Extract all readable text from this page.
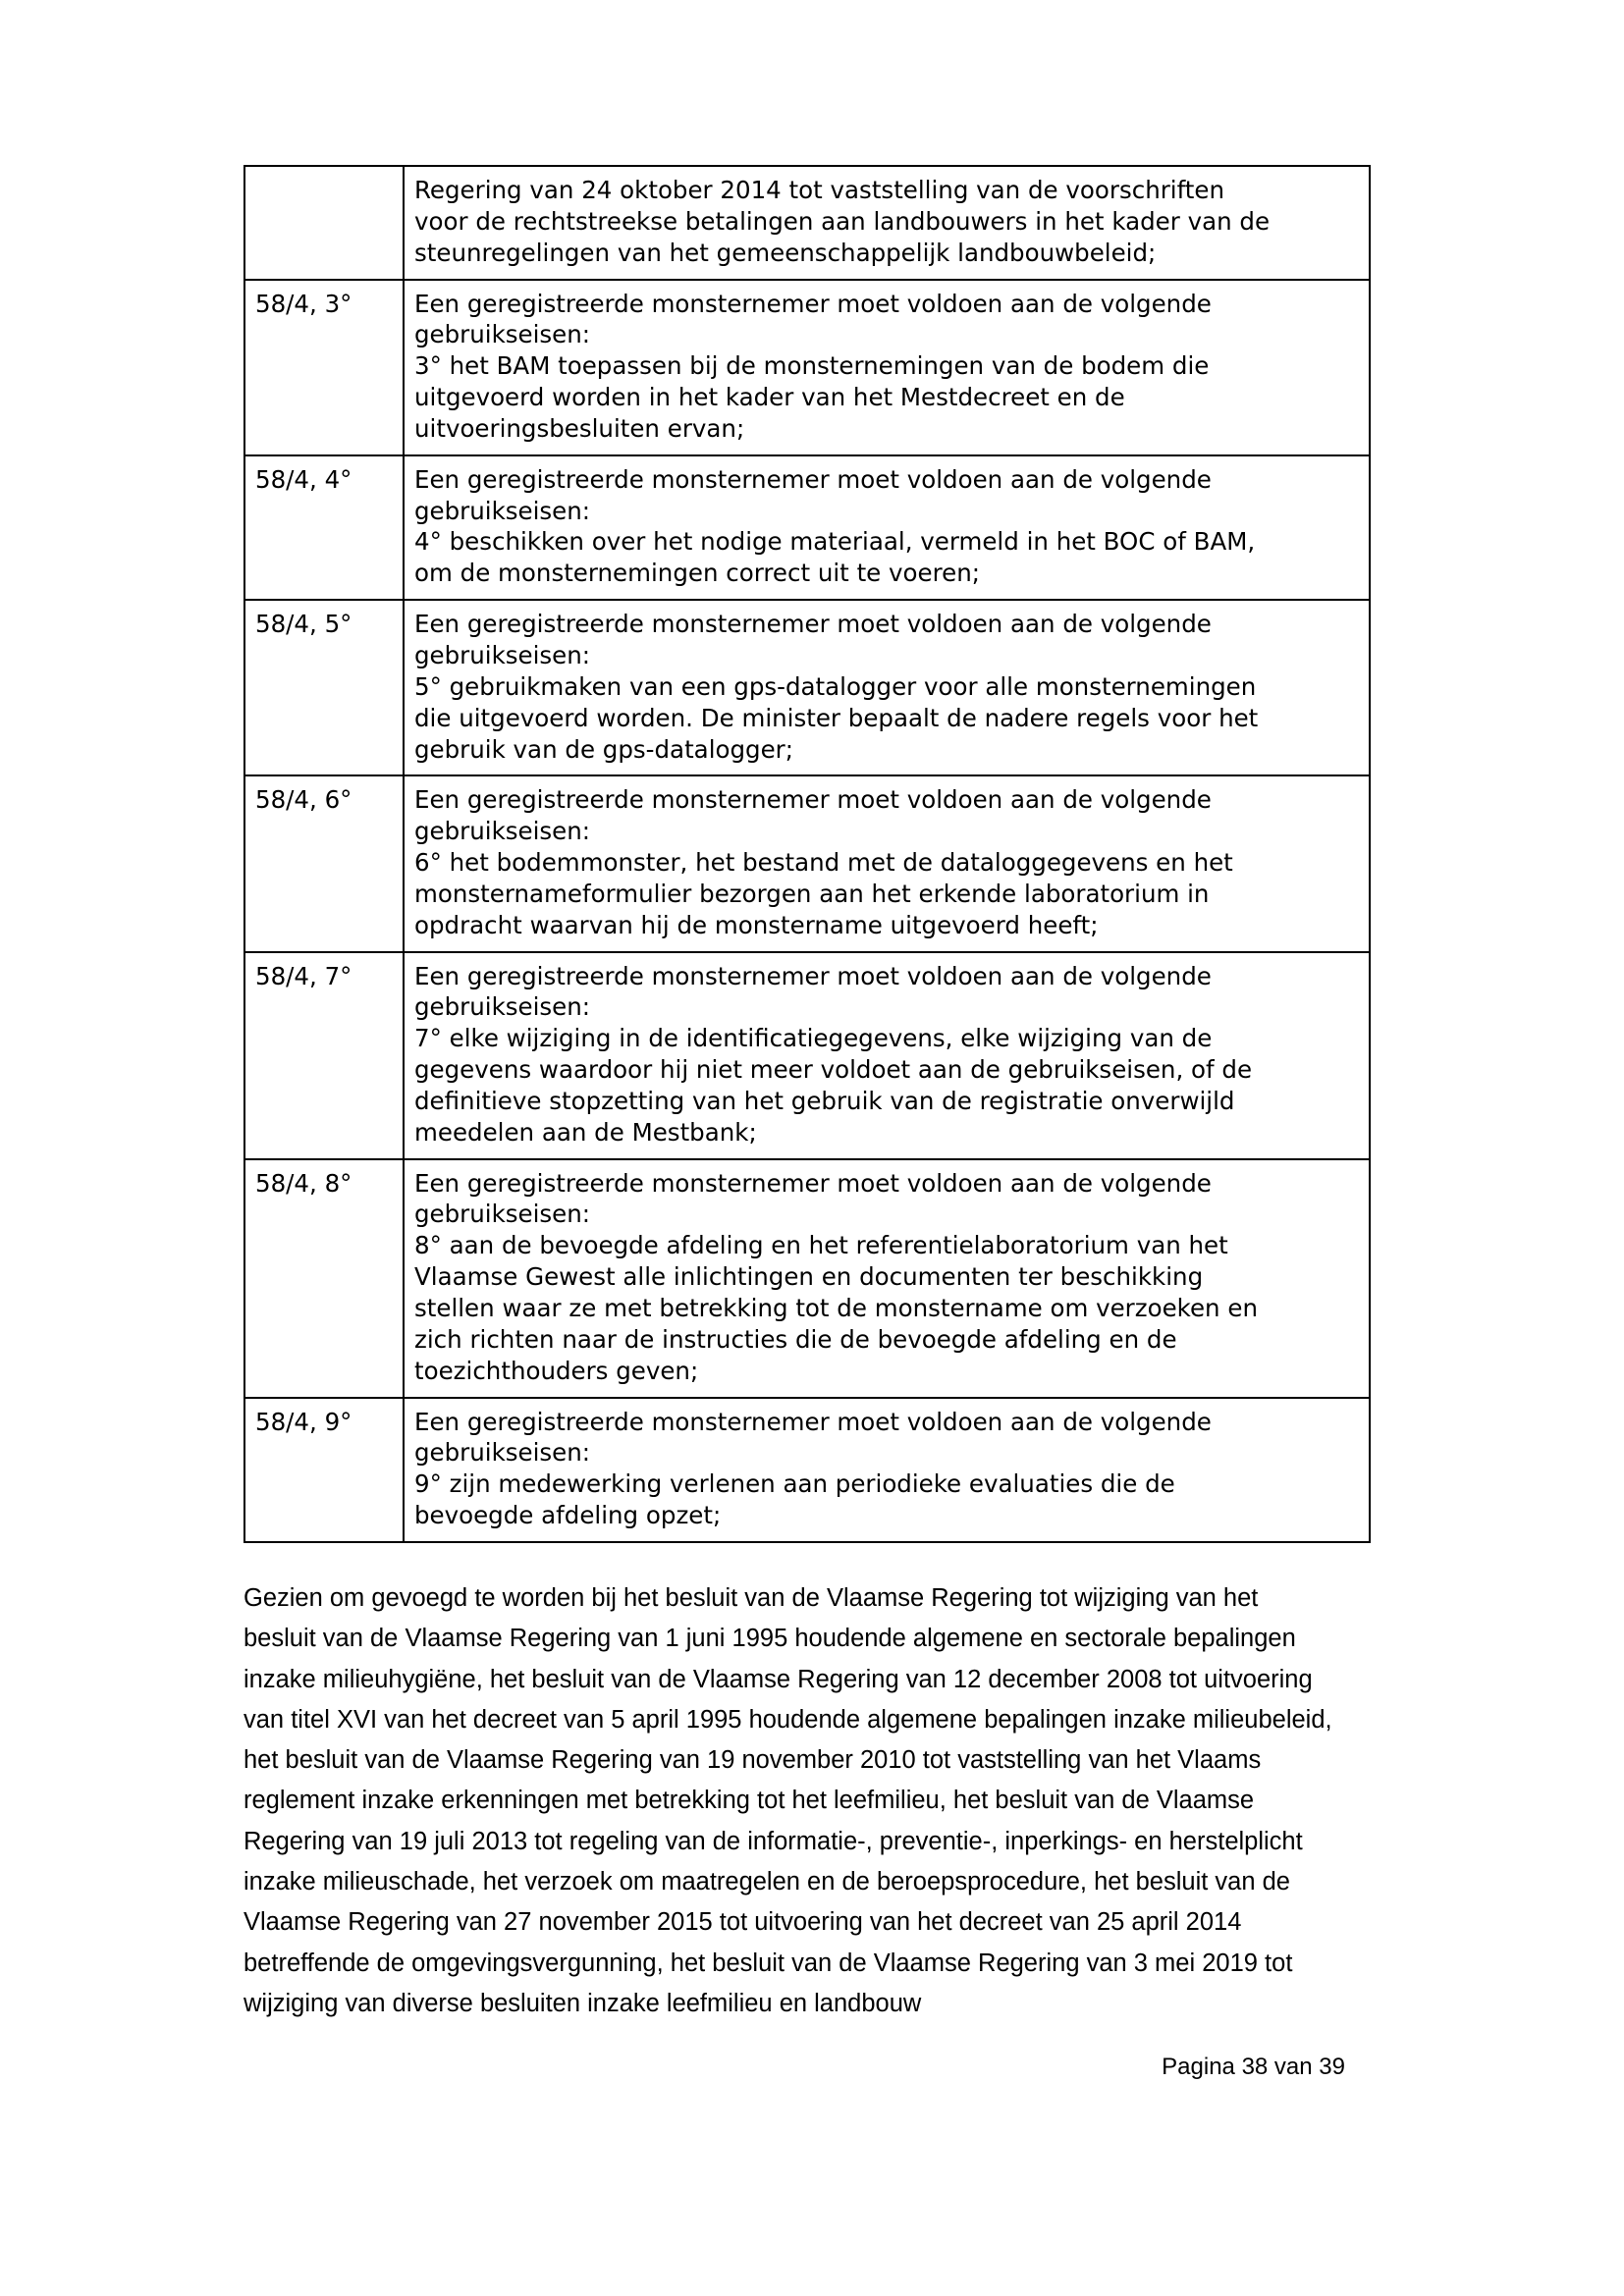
	Regering van 24 oktober 2014 tot vaststelling van de voorschriften
voor de rechtstreekse betalingen aan landbouwers in het kader van de
steunregelingen van het gemeenschappelijk landbouwbeleid;

58/4, 3°	Een geregistreerde monsternemer moet voldoen aan de volgende
gebruikseisen:
3° het BAM toepassen bij de monsternemingen van de bodem die
uitgevoerd worden in het kader van het Mestdecreet en de
uitvoeringsbesluiten ervan;

58/4, 4°	Een geregistreerde monsternemer moet voldoen aan de volgende
gebruikseisen:
4° beschikken over het nodige materiaal, vermeld in het BOC of BAM,
om de monsternemingen correct uit te voeren;

58/4, 5°	Een geregistreerde monsternemer moet voldoen aan de volgende
gebruikseisen:
5° gebruikmaken van een gps-datalogger voor alle monsternemingen
die uitgevoerd worden. De minister bepaalt de nadere regels voor het
gebruik van de gps-datalogger;

58/4, 6°	Een geregistreerde monsternemer moet voldoen aan de volgende
gebruikseisen:
6° het bodemmonster, het bestand met de dataloggegevens en het
monsternameformulier bezorgen aan het erkende laboratorium in
opdracht waarvan hij de monstername uitgevoerd heeft;

58/4, 7°	Een geregistreerde monsternemer moet voldoen aan de volgende
gebruikseisen:
7° elke wijziging in de identificatiegegevens, elke wijziging van de
gegevens waardoor hij niet meer voldoet aan de gebruikseisen, of de
definitieve stopzetting van het gebruik van de registratie onverwijld
meedelen aan de Mestbank;

58/4, 8°	Een geregistreerde monsternemer moet voldoen aan de volgende
gebruikseisen:
8° aan de bevoegde afdeling en het referentielaboratorium van het
Vlaamse Gewest alle inlichtingen en documenten ter beschikking
stellen waar ze met betrekking tot de monstername om verzoeken en
zich richten naar de instructies die de bevoegde afdeling en de
toezichthouders geven;

58/4, 9°	Een geregistreerde monsternemer moet voldoen aan de volgende
gebruikseisen:
9° zijn medewerking verlenen aan periodieke evaluaties die de
bevoegde afdeling opzet;

Gezien om gevoegd te worden bij het besluit van de Vlaamse Regering tot wijziging van het besluit van de Vlaamse Regering van 1 juni 1995 houdende algemene en sectorale bepalingen inzake milieuhygiëne, het besluit van de Vlaamse Regering van 12 december 2008 tot uitvoering van titel XVI van het decreet van 5 april 1995 houdende algemene bepalingen inzake milieubeleid, het besluit van de Vlaamse Regering van 19 november 2010 tot vaststelling van het Vlaams reglement inzake erkenningen met betrekking tot het leefmilieu, het besluit van de Vlaamse Regering van 19 juli 2013 tot regeling van de informatie-, preventie-, inperkings- en herstelplicht inzake milieuschade, het verzoek om maatregelen en de beroepsprocedure, het besluit van de Vlaamse Regering van 27 november 2015 tot uitvoering van het decreet van 25 april 2014 betreffende de omgevingsvergunning, het besluit van de Vlaamse Regering van 3 mei 2019 tot wijziging van diverse besluiten inzake leefmilieu en landbouw

Pagina 38 van 39
